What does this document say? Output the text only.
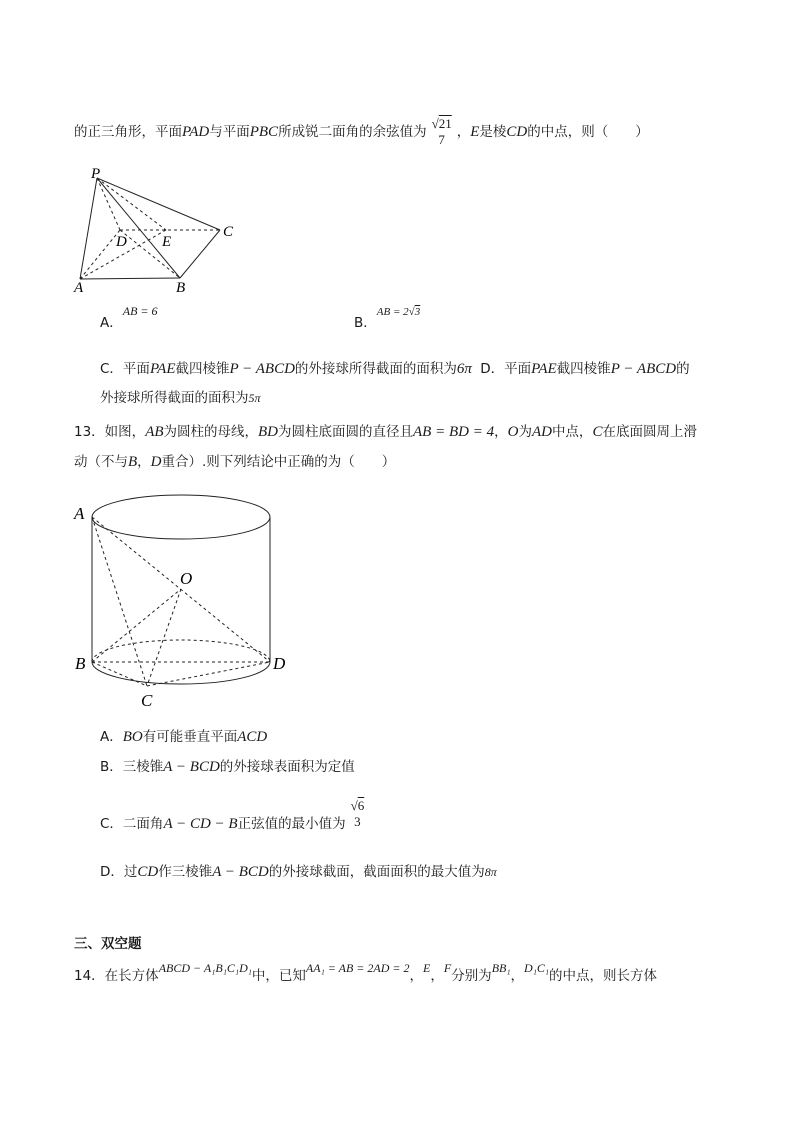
的正三角形，平面PAD与平面PBC所成锐二面角的余弦值为
√21
7 ，E是棱CD的中点，则（　　）
P
D E
C
A	B
A．AB = 6
B．$^{AB = 2√3}$
C．平面PAE截四棱锥P − ABCD的外接球所得截面的面积为6π D．平面PAE截四棱锥P − ABCD的
外接球所得截面的面积为5π
13．如图，AB为圆柱的母线，BD为圆柱底面圆的直径且AB = BD = 4，O为AD中点，C在底面圆周上滑
动（不与B，D重合）.则下列结论中正确的为（　　）
A
O
B	D
C
A．BO有可能垂直平面ACD
B．三棱锥A − BCD的外接球表面积为定值
C．二面角A − CD − B正弦值的最小值为
√6
3
D．过CD作三棱锥A − BCD的外接球截面，截面面积的最大值为8π
三、双空题
14．在长方体ABCD − A₁B₁C₁D₁中，已知AA₁ = AB = 2AD = 2，E，F分别为BB₁，D₁C₁的中点，则长方体
